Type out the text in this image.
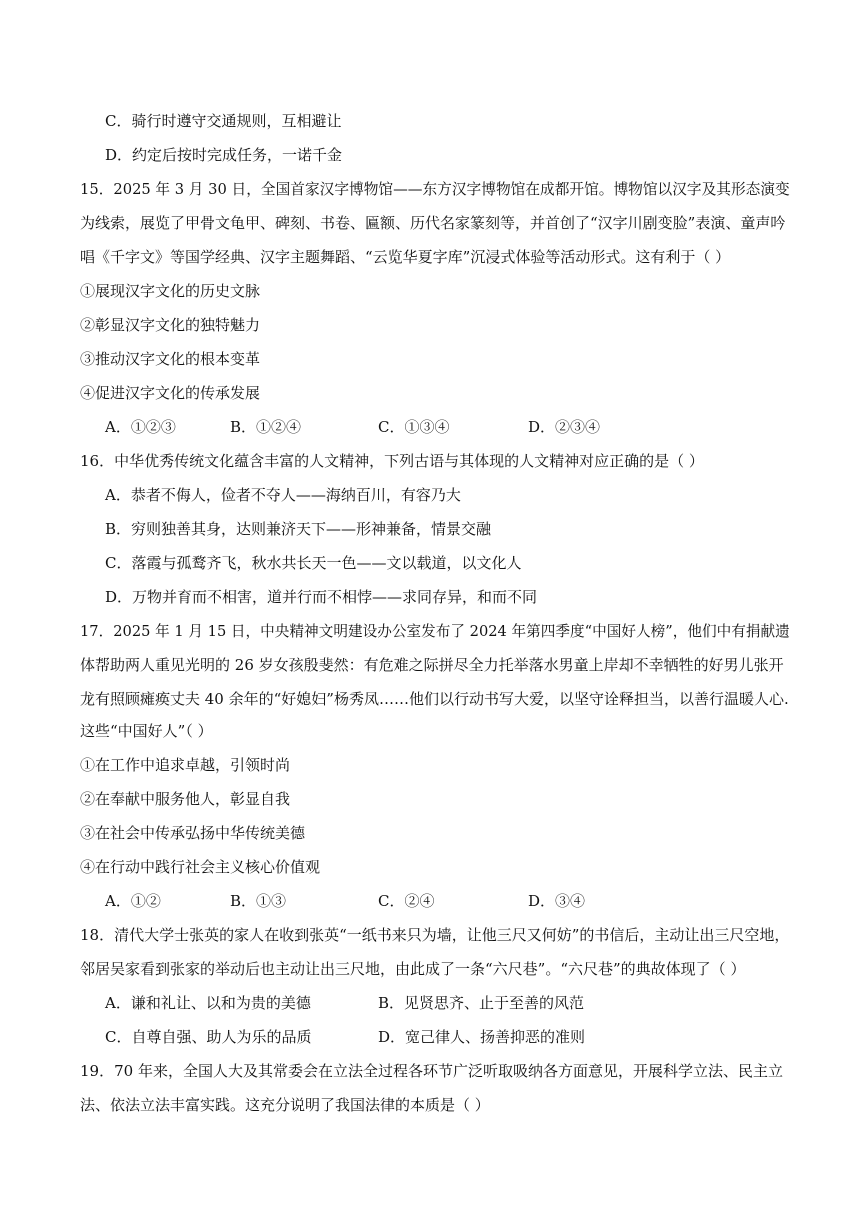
C．骑行时遵守交通规则，互相避让
D．约定后按时完成任务，一诺千金
15．2025 年 3 月 30 日，全国首家汉字博物馆——东方汉字博物馆在成都开馆。博物馆以汉字及其形态演变
为线索，展览了甲骨文龟甲、碑刻、书卷、匾额、历代名家篆刻等，并首创了“汉字川剧变脸”表演、童声吟
唱《千字文》等国学经典、汉字主题舞蹈、“云览华夏字库”沉浸式体验等活动形式。这有利于（ ）
①展现汉字文化的历史文脉
②彰显汉字文化的独特魅力
③推动汉字文化的根本变革
④促进汉字文化的传承发展
A．①②③	B．①②④	C．①③④	D．②③④
16．中华优秀传统文化蕴含丰富的人文精神，下列古语与其体现的人文精神对应正确的是（ ）
A．恭者不侮人，俭者不夺人——海纳百川，有容乃大
B．穷则独善其身，达则兼济天下——形神兼备，情景交融
C．落霞与孤鹜齐飞，秋水共长天一色——文以载道，以文化人
D．万物并育而不相害，道并行而不相悖——求同存异，和而不同
17．2025 年 1 月 15 日，中央精神文明建设办公室发布了 2024 年第四季度“中国好人榜”，他们中有捐献遗
体帮助两人重见光明的 26 岁女孩殷斐然：有危难之际拼尽全力托举落水男童上岸却不幸牺牲的好男儿张开
龙有照顾瘫痪丈夫 40 余年的“好媳妇”杨秀凤……他们以行动书写大爱，以坚守诠释担当，以善行温暖人心.
这些“中国好人”（ ）
①在工作中追求卓越，引领时尚
②在奉献中服务他人，彰显自我
③在社会中传承弘扬中华传统美德
④在行动中践行社会主义核心价值观
A．①②	B．①③	C．②④	D．③④
18．清代大学士张英的家人在收到张英“一纸书来只为墙，让他三尺又何妨”的书信后，主动让出三尺空地，
邻居吴家看到张家的举动后也主动让出三尺地，由此成了一条“六尺巷”。“六尺巷”的典故体现了（ ）
A．谦和礼让、以和为贵的美德	B．见贤思齐、止于至善的风范
C．自尊自强、助人为乐的品质	D．宽己律人、扬善抑恶的准则
19．70 年来，全国人大及其常委会在立法全过程各环节广泛听取吸纳各方面意见，开展科学立法、民主立
法、依法立法丰富实践。这充分说明了我国法律的本质是（ ）
